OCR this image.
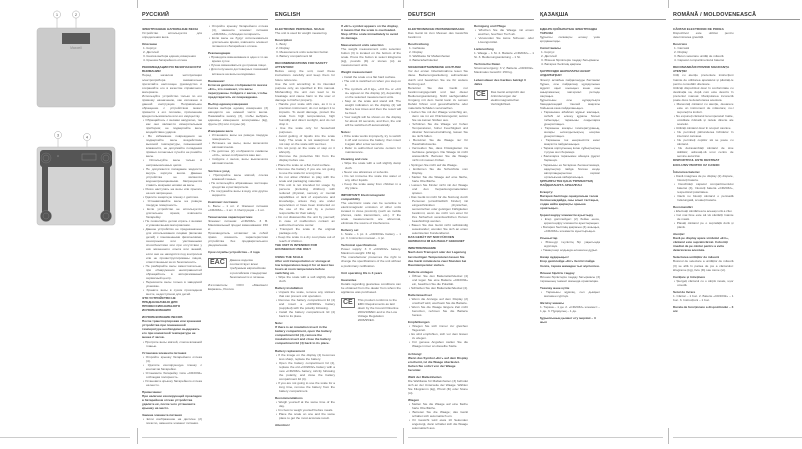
1	2
Maxwell
3	4
РУССКИЙ
ЭЛЕКТРОННЫЕ НАПОЛЬНЫЕ ВЕСЫ
Устройство используется для определения веса.
Описание
1. Корпус
2. Дисплей
3. Кнопка выбора единиц измерения
4. Крышка батарейного отсека
РЕКОМЕНДАЦИИ ПО БЕЗОПАСНОСТИ ВНИМАНИЕ!
Перед началом эксплуатации электроприбора внимательно прочитайте настоящее руководство и сохраняйте его в качестве справочного материала.
Используйте устройство только по его прямому назначению, как изложено в данной инструкции. Неправильное обращение с устройством может привести к его поломке, причинению вреда пользователю или его имуществу.
• Обращайтесь с весами аккуратно, так как они являются измерительным прибором; не подвергайте весы воздействию ударов.
• Во избежание повреждения не подвергайте весы воздействию высокой температуры, повышенной влажности, не допускайте попадания прямых солнечных лучей и не роняйте весы.
• Используйте весы только в непромышленных целях.
• Не допускается попадание жидкости внутрь корпуса весов. Данные устройства не являются водонепроницаемыми. Запрещается ставить мокрыми ногами на весы.
• Резко наступать на весы или прыгать на них запрещено.
• Удалите защитную пленку с дисплея.
• Устанавливайте весы на ровную твердую поверхность.
• Если устройство не используется длительное время, извлеките батарейку.
• Не позволяйте детям играть с весами и упаковочными материалами.
• Данное устройство не предназначено для использования лицами (включая детей) с пониженными физическими, сенсорными или умственными способностями или при отсутствии у них жизненного опыта или знаний, если они не находятся под контролем или не проинструктированы лицом, ответственным за их безопасность.
• Не разбирайте весы самостоятельно, при обнаружении неисправностей обращайтесь в авторизованный сервисный центр.
• Перевозите весы только в заводской упаковке.
• Храните весы в сухом прохладном месте, недоступном для детей.
ЭТО УСТРОЙСТВО НЕ ПРЕДНАЗНАЧЕНО ДЛЯ ПРОФЕССИОНАЛЬНОГО ИСПОЛЬЗОВАНИЯ
ИСПОЛЬЗОВАНИЕ ВЕСОВ
После транспортировки или хранения устройства при пониженной температуре необходимо выдержать его при комнатной температуре не менее 2 часов.
• Протрите весы мягкой, слегка влажной тканью.
Установка элемента питания
• Откройте крышку батарейного отсека (4).
• Удалите изолирующую пленку с контактов батарейки.
• Установите батарейку типа «CR2032» соблюдая полярность.
• Установите крышку батарейного отсека на место.
Примечание:
При наличии изолирующей прокладки в батарейном отсеке устройства удалите её, после чего установите крышку на место.
Замена элемента питания
• Если изображение на дисплее (2) погасло, замените элемент питания.
• Откройте крышку батарейного отсека (4), замените элемент питания «CR2032», соблюдая полярность.
• Если весы не будут использоваться длительное время, извлеките элемент питания из батарейного отсека.
Рекомендации
• Проводите взвешивание в одно и то же время суток.
• Лучше взвешиваться до приема пищи.
• Для получения достоверных показаний встаньте на весы неподвижно.
Внимание!
Если на дисплее отображается значок «Err», это означает, что весы перегружены. Сойдите с весов, чтобы предотвратить их повреждение.
Выбор единиц измерения
Кнопка выбора единиц измерения (3) находится на нижней части весов. Нажимайте кнопку (3), чтобы выбрать единицы измерения: килограммы (kg), фунты (lb) или стоуны (st).
Измерение веса
• Установите весы на ровную твердую поверхность.
• Встаньте на весы, весы включатся автоматически.
• На дисплее (2) отобразятся символы «0.0», затем отобразится ваш вес.
• Сойдите с весов, весы выключатся автоматически.
Чистка и уход
• Протирайте весы мягкой, слегка влажной тканью.
• Не используйте абразивные чистящие средства и растворители.
• Не погружайте весы в воду или другие жидкости.
Комплект поставки
1. Весы – 1 шт. 2. Элемент питания «CR2032» – 1 шт. 3. Инструкция – 1 шт.
Технические характеристики
Элемент питания: «CR2032» 3 В. Максимальный предел взвешивания: 150 кг.
Производитель оставляет за собой право изменять характеристики устройства без предварительного уведомления.
Срок службы устройства – 3 года
EAC	Данное изделие соответствует всем требуемым европейским и российским стандартам безопасности и гигиены.
Изготовитель: ООО «Максвелл Евразия», Россия.
ENGLISH
ELECTRONIC PERSONAL SCALE
The unit is used for weight measuring.
Description
1. Body
2. Display
3. Measurement units selection button
4. Battery compartment lid
RECOMMENDATIONS FOR SAFETY ATTENTION!
Before using the unit, read these instructions carefully and keep them for future reference.
Use the unit according to its intended purpose only, as specified in this manual. Mishandling the unit can lead to its breakage and cause harm to the user or damage to his/her property.
• Handle your scale with care, as it is a precision instrument; do not subject it to impacts. To avoid damage, protect the scale from high temperatures, high humidity and direct sunlight, and do not drop it.
• Use the scale only for household purposes.
• Avoid getting of liquids into the scale body. The scale is not waterproof. Do not step on the scale with wet feet.
• Do not jump on the scale or step on it abruptly.
• Remove the protective film from the display before use.
• Place the scale on a flat, hard surface.
• Remove the battery if you are not going to use the scale for a long time.
• Do not allow children to play with the scale and packaging materials.
• This unit is not intended for usage by persons (including children) with reduced physical, sensory or mental capabilities or lack of experience and knowledge, unless they are under supervision or have been instructed on the use of the unit by a person responsible for their safety.
• Do not disassemble the unit by yourself; in case of malfunction contact an authorized service center.
• Transport the scale in the original package only.
• Keep the scale in a dry cool place out of reach of children.
THE UNIT IS INTENDED FOR HOUSEHOLD USE ONLY
USING THE SCALE
After unit transportation or storage at low temperatures keep it for at least two hours at room temperature before switching on.
• Wipe the scale with a soft slightly damp cloth.
Battery installation
• Unpack the scale, remove any stickers that can prevent unit operation.
• Remove the battery compartment lid (4) and insert a «CR2032» battery (supplied) with the polarity following.
• Install the battery compartment lid (4) back to its place.
Note:
If there is an insulation insert in the battery compartment, open the battery compartment lid (4), remove the insulation insert and close the battery compartment lid (4) back to its place.
Battery replacement
• If the image on the display (2) becomes less sharp, replace the battery.
• Open the battery compartment lid (4), replace the old «CR2032» battery with a new «CR2032» battery, strictly following the polarity, and close the battery compartment lid (4).
• If you are not going to use the scale for a long time, remove the battery from the battery compartment.
Recommendations
• Weigh yourself at the same time of the day.
• It is best to weigh yourself before meals.
• Place the scale on one and the same place to get the most accurate result.
Attention!
If «Err» symbol appears on the display, it means that the scale is overloaded. Step off the scale immediately to avoid its damage.
Measurement units selection
The weight measurement units selection button (3) is located on the bottom of the scale. Press the button to select kilograms (kg), pounds (lb) or stones (st) as measurement units.
Weight measurement
• Install the scale on a flat hard surface.
• The unit is switched on when you step on it.
• The symbols «0.0 kg», «0.0 lb» or «0.0 st» appear on the display (2), depending on the selected measurement units.
• Step on the scale and stand still. The weight indication on the display (2) will flash a few times and then the result will be fixed.
• Your weight will be shown on the display for about 10 seconds, and then, the unit will be switched off automatically.
Notes:
• If the scale works improperly, try to switch it off and remove the battery, then insert it again after a few seconds.
• Refer to authorized service centers for maintenance.
Cleaning and care
• Wipe the scale with a soft slightly damp cloth.
• Never use abrasives or solvents.
• Do not immerse the scale into water or any other liquids.
• Keep the scale away from children in a dry place.
IMPORTANT! Electromagnetic compatibility
The electronic scale can be sensitive to electromagnetic emission of other units located in close proximity (such as mobile phones, radio transmitters, etc.). If the scale measurements are abnormal, eliminate the source of interference.
Delivery set
1. Scale – 1 pc. 2. «CR2032» battery – 1 pc. 3. Instruction manual – 1 pc.
Technical specifications
Power supply: 3 V «CR2032» battery. Maximum weight: 150 kg.
The manufacturer preserves the right to change the specifications of the unit without a preliminary notification.
Unit operating life is 3 years
Guarantee
Details regarding guarantee conditions can be obtained from the dealer from whom the appliance was purchased.
CE	This product conforms to the EMC Requirements as laid down by the Council Directive 2004/108/EC and to the Low Voltage Regulation 2006/95/EC.
DEUTSCH
ELEKTRONISCHE PERSONENWAAGE
Das Gerät ist zum Messen des Gewichts bestimmt.
Beschreibung
1. Gehäuse
2. Display
3. Wahltaste für Maßeinheiten
4. Batteriefachdeckel
SICHERHEITSHINWEISE ACHTUNG!
Vor der ersten Inbetriebnahme lesen Sie diese Bedienungsanleitung aufmerksam durch und bewahren Sie sie für weitere Nutzung auf.
Benutzen Sie das Gerät nur bestimmungsgemäß und laut dieser Bedienungsanleitung. Nicht sachgemäßer Umgang mit dem Gerät kann zu seinem Defekt führen und gesundheitliche oder materielle Schäden verursachen.
• Gehen Sie mit der Waage vorsichtig um, denn sie ist ein Präzisionsgerät; setzen Sie sie keinen Stößen aus.
• Schützen Sie die Waage vor hohen Temperaturen, hoher Feuchtigkeit und direkter Sonneneinstrahlung, lassen Sie sie nicht fallen.
• Benutzen Sie die Waage nur für Haushaltszwecke.
• Vermeiden Sie, dass Flüssigkeiten ins Gehäuse gelangen. Die Waage ist nicht wasserdicht. Betreten Sie die Waage nicht mit nassen Füßen.
• Springen Sie nicht auf die Waage.
• Entfernen Sie die Schutzfolie vom Display.
• Stellen Sie die Waage auf eine flache, harte Oberfläche.
• Lassen Sie Kinder nicht mit der Waage und den Verpackungsmaterialien spielen.
• Das Gerät ist nicht für die Nutzung durch Personen (einschließlich Kinder) mit eingeschränkten physischen, sensorischen oder geistigen Fähigkeiten bestimmt, wenn sie nicht von einer für ihre Sicherheit verantwortlichen Person beaufsichtigt werden.
• Bauen Sie das Gerät nicht selbständig auseinander; wenden Sie sich an einen autorisierten Kundendienst.
DAS GERÄT IST NUR FÜR DEN GEBRAUCH IM HAUSHALT GEEIGNET
INBETRIEBNAHME
Nach dem Transport oder der Lagerung bei niedrigen Temperaturen lassen Sie das Gerät mindestens zwei Stunden bei Raumtemperatur stehen.
Batterie einlegen
• Öffnen Sie den Batteriefachdeckel (4) und legen Sie eine Batterie «CR2032» ein, beachten Sie die Polarität.
• Schließen Sie den Batteriefachdeckel (4).
Batteriewechsel
• Wenn die Anzeige auf dem Display (2) unscharf wird, wechseln Sie die Batterie.
• Wenn Sie die Waage längere Zeit nicht benutzen, nehmen Sie die Batterie heraus.
Empfehlungen
• Wiegen Sie sich immer zur gleichen Tageszeit.
• Es wird empfohlen, sich vor dem Essen zu wiegen.
• Für genaue Angaben stellen Sie die Waage immer an dieselbe Stelle.
Achtung!
Wenn das Symbol «Err» auf dem Display erscheint, ist die Waage überlastet. Gehen Sie sofort von der Waage herunter.
Wahl der Maßeinheiten
Die Wahltaste für Maßeinheiten (3) befindet sich an der Unterseite der Waage. Wählen Sie Kilogramm (kg), Pfund (lb) oder Stone (st).
Wiegen
• Stellen Sie die Waage auf eine flache harte Oberfläche.
• Betreten Sie die Waage; das Gerät schaltet sich automatisch ein.
• Ihr Gewicht wird etwa 10 Sekunden angezeigt, dann schaltet sich die Waage automatisch aus.
Reinigung und Pflege
• Wischen Sie die Waage mit einem weichen, feuchten Tuch ab.
• Verwenden Sie keine Scheuer- oder Lösungsmittel.
Lieferumfang
1. Waage – 1 St. 2. Batterie «CR2032» – 1 St. 3. Bedienungsanleitung – 1 St.
Technische Daten
Stromversorgung: 3 V, Batterie «CR2032». Maximales Gewicht: 150 kg.
Lebensdauer des Gerätes beträgt 3 Jahre
CE	Das Gerät entspricht den Anforderungen der elektromagnetischen Verträglichkeit.
ҚАЗАҚША
ЕДЕНГЕ ҚОЙЫЛАТЫН ЭЛЕКТРОНДЫ ТАРАЗЫ
Құрылғы салмақты өлшеу үшін қолданылады.
Сипаттамасы
1. Корпус
2. Дисплей
3. Өлшем бірліктерін таңдау батырмасы
4. Батарея бөлігінің қақпағы
ҚАУІПСІЗДІК ШАРАЛАРЫ НАЗАР АУДАРЫҢЫЗ!
Электр аспабын пайдалануды бастамас бұрын, осы пайдалану нұсқаулығын мұқият оқып шығыңыз және оны анықтамалық материал ретінде сақтаңыз.
Құрылғыны осы нұсқаулықта баяндалғандай тікелей мақсаты бойынша ғана пайдаланыңыз.
• Таразымен абайлап жұмыс жасаңыз, себебі ол өлшеу құралы болып табылады; таразыны соққыларға ұшыратпаңыз.
• Таразыны жоғары температураның, жоғары ылғалдылықтың әсеріне ұшыратпаңыз.
• Таразыны тек өнеркәсіптік емес мақсатта пайдаланыңыз.
• Тараза корпусының ішіне сұйықтықтың түсуіне жол бермеңіз.
• Балаларға таразымен ойнауға рұқсат бермеңіз.
• Таразыны өз бетіңізше бөлшектемеңіз, ақаулықтар пайда болған кезде авторландырылған сервис орталығына хабарласыңыз.
ҚҰРЫЛҒЫ ТЕК ҚАНА ТҰРМЫСТЫҚ ПАЙДАЛАНУҒА АРНАЛҒАН
Ескерту:
Батарея бөлігінде оқшаулағыш төсем болған жағдайда, оны алып тастаңыз, содан кейін қақпақты орнына орнатыңыз.
Қоректендіру элементін ауыстыру
• Егер дисплейдегі (2) бейне өшсе, қоректендіру элементін ауыстырыңыз.
• Батарея бөлігінің қақпағын (4) ашыңыз, «CR2032» элементін ауыстырыңыз.
Ұсыныстар
• Өлшеуді тәуліктің бір уақытында жүргізіңіз.
• Тамақ ішер алдында өлшенген дұрыс.
Назар аударыңыз!
Егер дисплейде «Err» белгісі пайда болса, тараза шамадан тыс жүктелген.
Өлшем бірлігін таңдау
Өлшем бірліктерін таңдау батырмасы (3) таразының төменгі жағында орналасқан.
Тазалау және күтім
• Таразыны жұмсақ, сәл дымқыл матамен сүртіңіз.
Жеткізу жинағы
1. Тараза – 1 дн. 2. «CR2032» элементі – 1 дн. 3. Нұсқаулық – 1 дн.
Құрылғының қызмет ету мерзімі – 3 жыл
ROMÂNĂ / MOLDOVENEASCĂ
CÂNTAR ELECTRONIC DE PODEA
Dispozitivul este utilizat pentru determinarea greutății.
Descriere
1. Carcasă
2. Display
3. Buton selectare unități de măsură
4. Capacul compartimentului bateriei
RECOMANDĂRI PRIVIND SIGURANȚA ATENȚIE!
Citiți cu atenție prezentele instrucțiuni înainte de utilizarea aparatului și păstrați-le pentru consultări ulterioare.
Utilizați dispozitivul doar în conformitate cu destinația sa, după cum este descris în prezentul manual. Manipularea incorectă poate duce la deteriorarea acestuia.
• Manevrați cântarul cu atenție, deoarece este un instrument de măsurare; nu-l supuneți la lovituri.
• Nu expuneți cântarul la temperaturi înalte, umiditate ridicată și razele directe ale soarelui.
• Utilizați cântarul doar în scopuri casnice.
• Nu permiteți pătrunderea lichidelor în interiorul carcasei.
• Nu permiteți copiilor să se joace cu cântarul.
• Nu dezasamblați cântarul de sine stătător; adresați-vă unui centru de service autorizat.
DISPOZITIVUL ESTE DESTINAT EXCLUSIV PENTRU UZ CASNIC
Înlocuirea bateriei
• Dacă imaginea de pe display (2) dispare, înlocuiți bateria.
• Deschideți capacul compartimentului bateriei (4), înlocuiți bateria «CR2032», respectând polaritatea.
• Dacă nu folosiți cântarul o perioadă îndelungată, scoateți bateria.
Recomandări
• Efectuați cântărirea la aceeași oră a zilei.
• Cel mai bine este să vă cântăriți înainte de masă.
• Plasați cântarul pe o suprafață dură și plană.
Atenție!
Dacă pe display apare simbolul «Err», cântarul este supraîncărcat. Coborâți imediat de pe cântar pentru a evita deteriorarea acestuia.
Selectarea unităților de măsură
Butonul de selectare a unităților de măsură (3) se află în partea de jos a cântarului: kilograme (kg), livre (lb) sau stone (st).
Curățare și întreținere
• Ștergeți cântarul cu o cârpă moale, ușor umedă.
Setul de livrare
1. Cântar – 1 buc. 2. Baterie «CR2032» – 1 buc. 3. Instrucțiuni – 1 buc.
Durata de funcționare a dispozitivului – 3 ani
